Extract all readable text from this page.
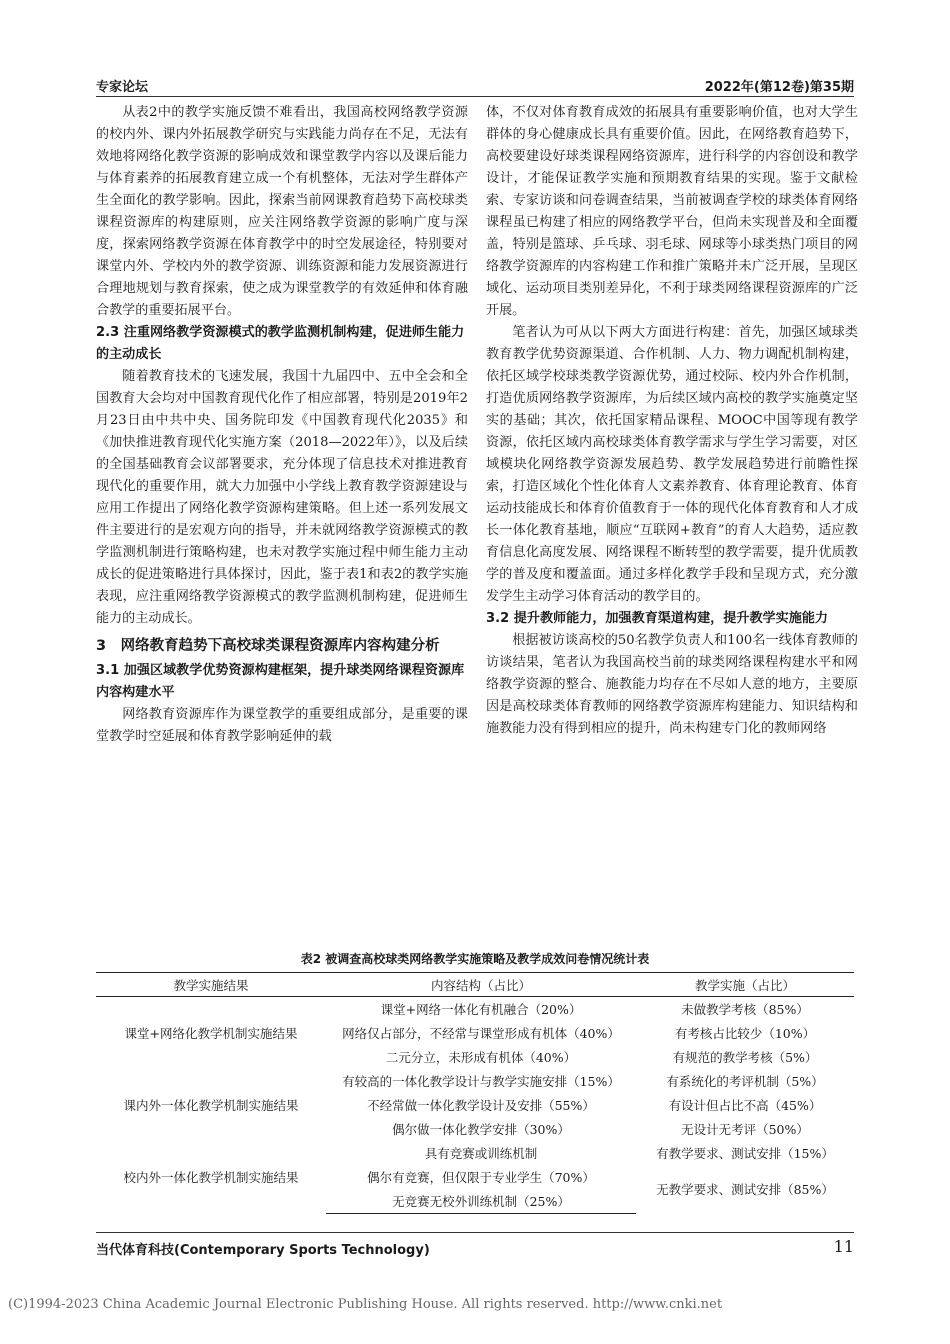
专家论坛	2022年(第12卷)第35期

从表2中的教学实施反馈不难看出，我国高校网络教学资源的校内外、课内外拓展教学研究与实践能力尚存在不足，无法有效地将网络化教学资源的影响成效和课堂教学内容以及课后能力与体育素养的拓展教育建立成一个有机整体，无法对学生群体产生全面化的教学影响。因此，探索当前网课教育趋势下高校球类课程资源库的构建原则，应关注网络教学资源的影响广度与深度，探索网络教学资源在体育教学中的时空发展途径，特别要对课堂内外、学校内外的教学资源、训练资源和能力发展资源进行合理地规划与教育探索，使之成为课堂教学的有效延伸和体育融合教学的重要拓展平台。

2.3 注重网络教学资源模式的教学监测机制构建，促进师生能力的主动成长

随着教育技术的飞速发展，我国十九届四中、五中全会和全国教育大会均对中国教育现代化作了相应部署，特别是2019年2月23日由中共中央、国务院印发《中国教育现代化2035》和《加快推进教育现代化实施方案（2018—2022年）》，以及后续的全国基础教育会议部署要求，充分体现了信息技术对推进教育现代化的重要作用，就大力加强中小学线上教育教学资源建设与应用工作提出了网络化教学资源构建策略。但上述一系列发展文件主要进行的是宏观方向的指导，并未就网络教学资源模式的教学监测机制进行策略构建，也未对教学实施过程中师生能力主动成长的促进策略进行具体探讨，因此，鉴于表1和表2的教学实施表现，应注重网络教学资源模式的教学监测机制构建，促进师生能力的主动成长。

3　网络教育趋势下高校球类课程资源库内容构建分析
3.1 加强区域教学优势资源构建框架，提升球类网络课程资源库内容构建水平

网络教育资源库作为课堂教学的重要组成部分，是重要的课堂教学时空延展和体育教学影响延伸的载

体，不仅对体育教育成效的拓展具有重要影响价值，也对大学生群体的身心健康成长具有重要价值。因此，在网络教育趋势下，高校要建设好球类课程网络资源库，进行科学的内容创设和教学设计，才能保证教学实施和预期教育结果的实现。鉴于文献检索、专家访谈和问卷调查结果，当前被调查学校的球类体育网络课程虽已构建了相应的网络教学平台，但尚未实现普及和全面覆盖，特别是篮球、乒乓球、羽毛球、网球等小球类热门项目的网络教学资源库的内容构建工作和推广策略并未广泛开展，呈现区域化、运动项目类别差异化，不利于球类网络课程资源库的广泛开展。

笔者认为可从以下两大方面进行构建：首先，加强区域球类教育教学优势资源渠道、合作机制、人力、物力调配机制构建，依托区域学校球类教学资源优势，通过校际、校内外合作机制，打造优质网络教学资源库，为后续区域内高校的教学实施奠定坚实的基础；其次，依托国家精品课程、MOOC中国等现有教学资源，依托区域内高校球类体育教学需求与学生学习需要，对区域模块化网络教学资源发展趋势、教学发展趋势进行前瞻性探索，打造区域化个性化体育人文素养教育、体育理论教育、体育运动技能成长和体育价值教育于一体的现代化体育教育和人才成长一体化教育基地，顺应“互联网+教育”的育人大趋势，适应教育信息化高度发展、网络课程不断转型的教学需要，提升优质教学的普及度和覆盖面。通过多样化教学手段和呈现方式，充分激发学生主动学习体育活动的教学目的。

3.2 提升教师能力，加强教育渠道构建，提升教学实施能力

根据被访谈高校的50名教学负责人和100名一线体育教师的访谈结果，笔者认为我国高校当前的球类网络课程构建水平和网络教学资源的整合、施教能力均存在不尽如人意的地方，主要原因是高校球类体育教师的网络教学资源库构建能力、知识结构和施教能力没有得到相应的提升，尚未构建专门化的教师网络

表2 被调查高校球类网络教学实施策略及教学成效问卷情况统计表
教学实施结果	内容结构（占比）	教学实施（占比）
课堂+网络化教学机制实施结果	课堂+网络一体化有机融合（20%）	未做教学考核（85%）
	网络仅占部分，不经常与课堂形成有机体（40%）	有考核占比较少（10%）
	二元分立，未形成有机体（40%）	有规范的教学考核（5%）
课内外一体化教学机制实施结果	有较高的一体化教学设计与教学实施安排（15%）	有系统化的考评机制（5%）
	不经常做一体化教学设计及安排（55%）	有设计但占比不高（45%）
	偶尔做一体化教学安排（30%）	无设计无考评（50%）
校内外一体化教学机制实施结果	具有竞赛或训练机制	有教学要求、测试安排（15%）
	偶尔有竞赛，但仅限于专业学生（70%）	无教学要求、测试安排（85%）
	无竞赛无校外训练机制（25%）	
当代体育科技(Contemporary Sports Technology)	11
(C)1994-2023 China Academic Journal Electronic Publishing House. All rights reserved. http://www.cnki.net
